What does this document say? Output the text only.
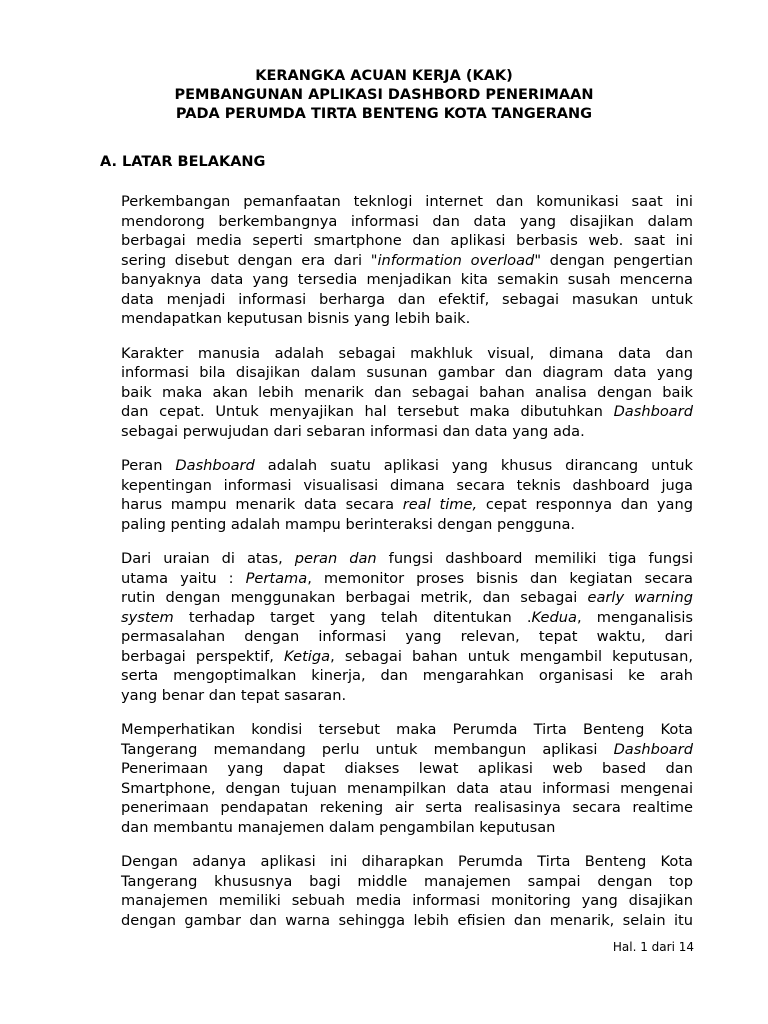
KERANGKA ACUAN KERJA (KAK)
PEMBANGUNAN APLIKASI DASHBORD PENERIMAAN
PADA PERUMDA TIRTA BENTENG KOTA TANGERANG
A. LATAR BELAKANG
Perkembangan pemanfaatan teknlogi internet dan komunikasi saat ini
mendorong berkembangnya informasi dan data yang disajikan dalam
berbagai media seperti smartphone dan aplikasi berbasis web. saat ini
sering disebut dengan era dari "information overload" dengan pengertian
banyaknya data yang tersedia menjadikan kita semakin susah mencerna
data menjadi informasi berharga dan efektif, sebagai masukan untuk
mendapatkan keputusan bisnis yang lebih baik.
Karakter manusia adalah sebagai makhluk visual, dimana data dan
informasi bila disajikan dalam susunan gambar dan diagram data yang
baik maka akan lebih menarik dan sebagai bahan analisa dengan baik
dan cepat. Untuk menyajikan hal tersebut maka dibutuhkan Dashboard
sebagai perwujudan dari sebaran informasi dan data yang ada.
Peran Dashboard adalah suatu aplikasi yang khusus dirancang untuk
kepentingan informasi visualisasi dimana secara teknis dashboard juga
harus mampu menarik data secara real time, cepat responnya dan yang
paling penting adalah mampu berinteraksi dengan pengguna.
Dari uraian di atas, peran dan fungsi dashboard memiliki tiga fungsi
utama yaitu : Pertama, memonitor proses bisnis dan kegiatan secara
rutin dengan menggunakan berbagai metrik, dan sebagai early warning
system terhadap target yang telah ditentukan .Kedua, menganalisis
permasalahan dengan informasi yang relevan, tepat waktu, dari
berbagai perspektif, Ketiga, sebagai bahan untuk mengambil keputusan,
serta mengoptimalkan kinerja, dan mengarahkan organisasi ke arah
yang benar dan tepat sasaran.
Memperhatikan kondisi tersebut maka Perumda Tirta Benteng Kota
Tangerang memandang perlu untuk membangun aplikasi Dashboard
Penerimaan yang dapat diakses lewat aplikasi web based dan
Smartphone, dengan tujuan menampilkan data atau informasi mengenai
penerimaan pendapatan rekening air serta realisasinya secara realtime
dan membantu manajemen dalam pengambilan keputusan
Dengan adanya aplikasi ini diharapkan Perumda Tirta Benteng Kota
Tangerang khususnya bagi middle manajemen sampai dengan top
manajemen memiliki sebuah media informasi monitoring yang disajikan
dengan gambar dan warna sehingga lebih efisien dan menarik, selain itu
Hal. 1 dari 14
